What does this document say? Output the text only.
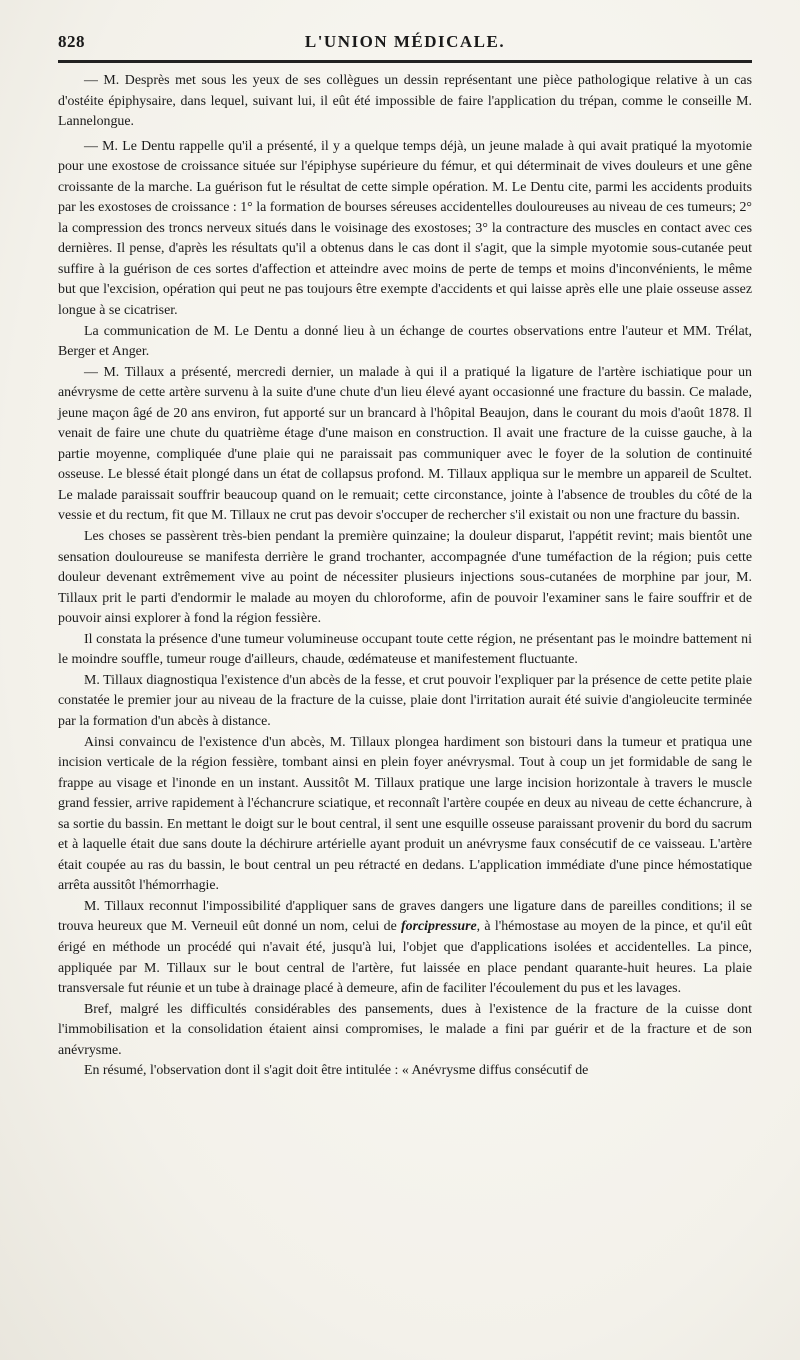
828	L'UNION MÉDICALE.

— M. Desprès met sous les yeux de ses collègues un dessin représentant une pièce pathologique relative à un cas d'ostéite épiphysaire, dans lequel, suivant lui, il eût été impossible de faire l'application du trépan, comme le conseille M. Lannelongue.

— M. Le Dentu rappelle qu'il a présenté, il y a quelque temps déjà, un jeune malade à qui avait pratiqué la myotomie pour une exostose de croissance située sur l'épiphyse supérieure du fémur, et qui déterminait de vives douleurs et une gêne croissante de la marche. La guérison fut le résultat de cette simple opération. M. Le Dentu cite, parmi les accidents produits par les exostoses de croissance : 1° la formation de bourses séreuses accidentelles douloureuses au niveau de ces tumeurs; 2° la compression des troncs nerveux situés dans le voisinage des exostoses; 3° la contracture des muscles en contact avec ces dernières. Il pense, d'après les résultats qu'il a obtenus dans le cas dont il s'agit, que la simple myotomie sous-cutanée peut suffire à la guérison de ces sortes d'affection et atteindre avec moins de perte de temps et moins d'inconvénients, le même but que l'excision, opération qui peut ne pas toujours être exempte d'accidents et qui laisse après elle une plaie osseuse assez longue à se cicatriser.

La communication de M. Le Dentu a donné lieu à un échange de courtes observations entre l'auteur et MM. Trélat, Berger et Anger.

— M. Tillaux a présenté, mercredi dernier, un malade à qui il a pratiqué la ligature de l'artère ischiatique pour un anévrysme de cette artère survenu à la suite d'une chute d'un lieu élevé ayant occasionné une fracture du bassin. Ce malade, jeune maçon âgé de 20 ans environ, fut apporté sur un brancard à l'hôpital Beaujon, dans le courant du mois d'août 1878. Il venait de faire une chute du quatrième étage d'une maison en construction. Il avait une fracture de la cuisse gauche, à la partie moyenne, compliquée d'une plaie qui ne paraissait pas communiquer avec le foyer de la solution de continuité osseuse. Le blessé était plongé dans un état de collapsus profond. M. Tillaux appliqua sur le membre un appareil de Scultet. Le malade paraissait souffrir beaucoup quand on le remuait; cette circonstance, jointe à l'absence de troubles du côté de la vessie et du rectum, fit que M. Tillaux ne crut pas devoir s'occuper de rechercher s'il existait ou non une fracture du bassin.

Les choses se passèrent très-bien pendant la première quinzaine; la douleur disparut, l'appétit revint; mais bientôt une sensation douloureuse se manifesta derrière le grand trochanter, accompagnée d'une tuméfaction de la région; puis cette douleur devenant extrêmement vive au point de nécessiter plusieurs injections sous-cutanées de morphine par jour, M. Tillaux prit le parti d'endormir le malade au moyen du chloroforme, afin de pouvoir l'examiner sans le faire souffrir et de pouvoir ainsi explorer à fond la région fessière.

Il constata la présence d'une tumeur volumineuse occupant toute cette région, ne présentant pas le moindre battement ni le moindre souffle, tumeur rouge d'ailleurs, chaude, œdémateuse et manifestement fluctuante.

M. Tillaux diagnostiqua l'existence d'un abcès de la fesse, et crut pouvoir l'expliquer par la présence de cette petite plaie constatée le premier jour au niveau de la fracture de la cuisse, plaie dont l'irritation aurait été suivie d'angioleucite terminée par la formation d'un abcès à distance.

Ainsi convaincu de l'existence d'un abcès, M. Tillaux plongea hardiment son bistouri dans la tumeur et pratiqua une incision verticale de la région fessière, tombant ainsi en plein foyer anévrysmal. Tout à coup un jet formidable de sang le frappe au visage et l'inonde en un instant. Aussitôt M. Tillaux pratique une large incision horizontale à travers le muscle grand fessier, arrive rapidement à l'échancrure sciatique, et reconnaît l'artère coupée en deux au niveau de cette échancrure, à sa sortie du bassin. En mettant le doigt sur le bout central, il sent une esquille osseuse paraissant provenir du bord du sacrum et à laquelle était due sans doute la déchirure artérielle ayant produit un anévrysme faux consécutif de ce vaisseau. L'artère était coupée au ras du bassin, le bout central un peu rétracté en dedans. L'application immédiate d'une pince hémostatique arrêta aussitôt l'hémorrhagie.

M. Tillaux reconnut l'impossibilité d'appliquer sans de graves dangers une ligature dans de pareilles conditions; il se trouva heureux que M. Verneuil eût donné un nom, celui de forcipressure, à l'hémostase au moyen de la pince, et qu'il eût érigé en méthode un procédé qui n'avait été, jusqu'à lui, l'objet que d'applications isolées et accidentelles. La pince, appliquée par M. Tillaux sur le bout central de l'artère, fut laissée en place pendant quarante-huit heures. La plaie transversale fut réunie et un tube à drainage placé à demeure, afin de faciliter l'écoulement du pus et les lavages.

Bref, malgré les difficultés considérables des pansements, dues à l'existence de la fracture de la cuisse dont l'immobilisation et la consolidation étaient ainsi compromises, le malade a fini par guérir et de la fracture et de son anévrysme.

En résumé, l'observation dont il s'agit doit être intitulée : « Anévrysme diffus consécutif de
